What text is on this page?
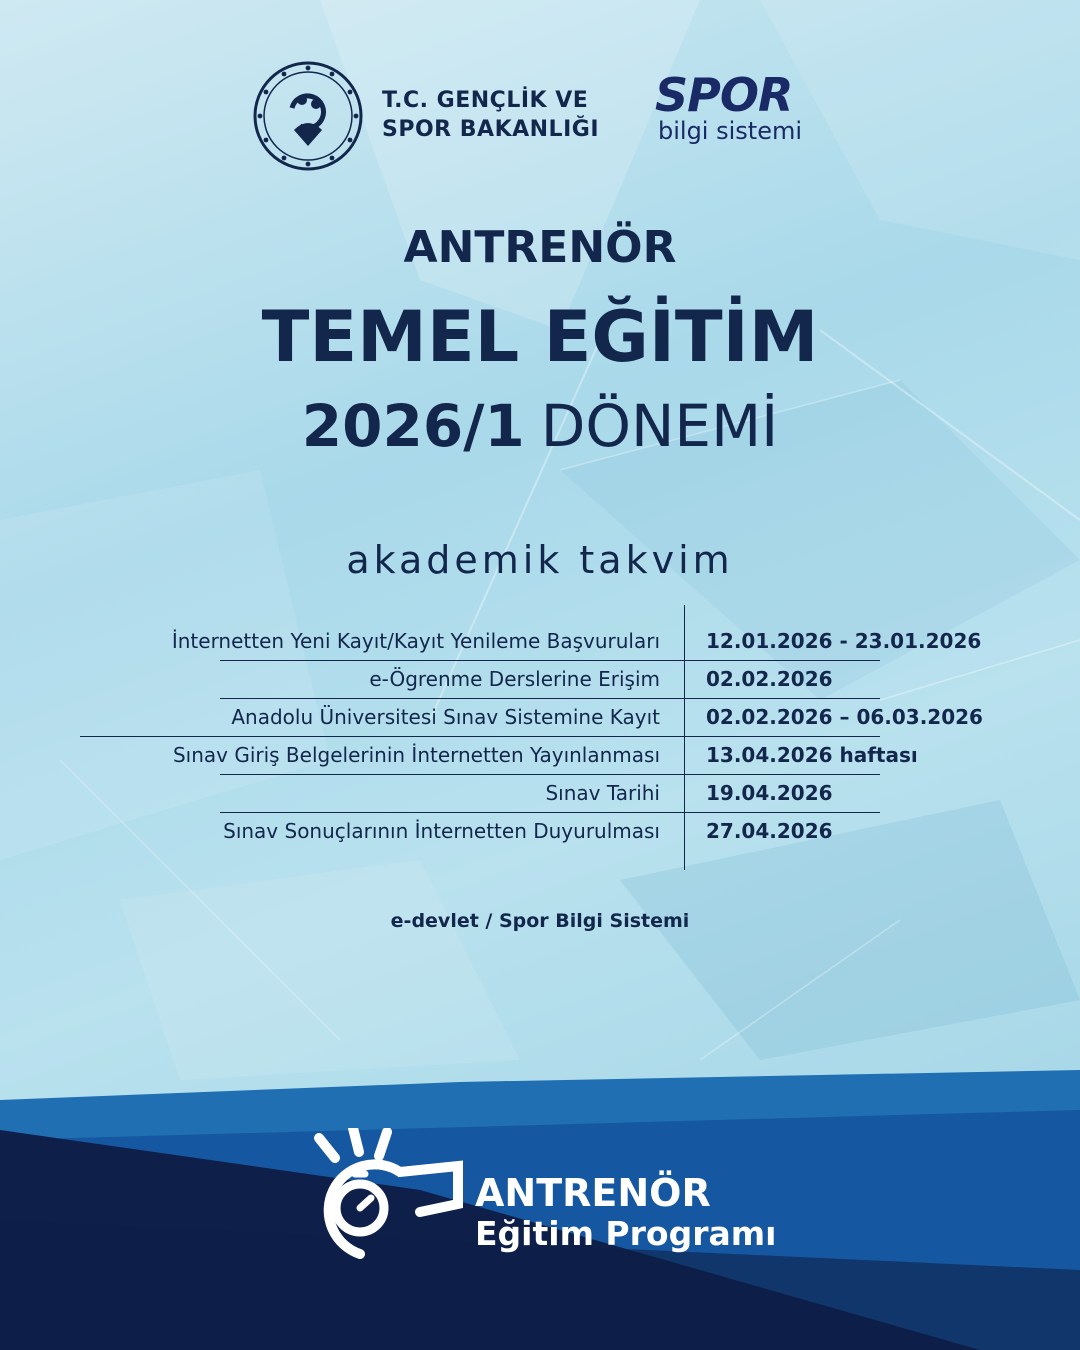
T.C. GENÇLİK VE
SPOR BAKANLIĞI
SPOR
bilgi sistemi
ANTRENÖR
TEMEL EĞİTİM
2026/1 DÖNEMİ
akademik takvim
İnternetten Yeni Kayıt/Kayıt Yenileme Başvuruları 12.01.2026 - 23.01.2026
e-Ögrenme Derslerine Erişim 02.02.2026
Anadolu Üniversitesi Sınav Sistemine Kayıt 02.02.2026 – 06.03.2026
Sınav Giriş Belgelerinin İnternetten Yayınlanması 13.04.2026 haftası
Sınav Tarihi 19.04.2026
Sınav Sonuçlarının İnternetten Duyurulması 27.04.2026
e-devlet / Spor Bilgi Sistemi
ANTRENÖR
Eğitim Programı
